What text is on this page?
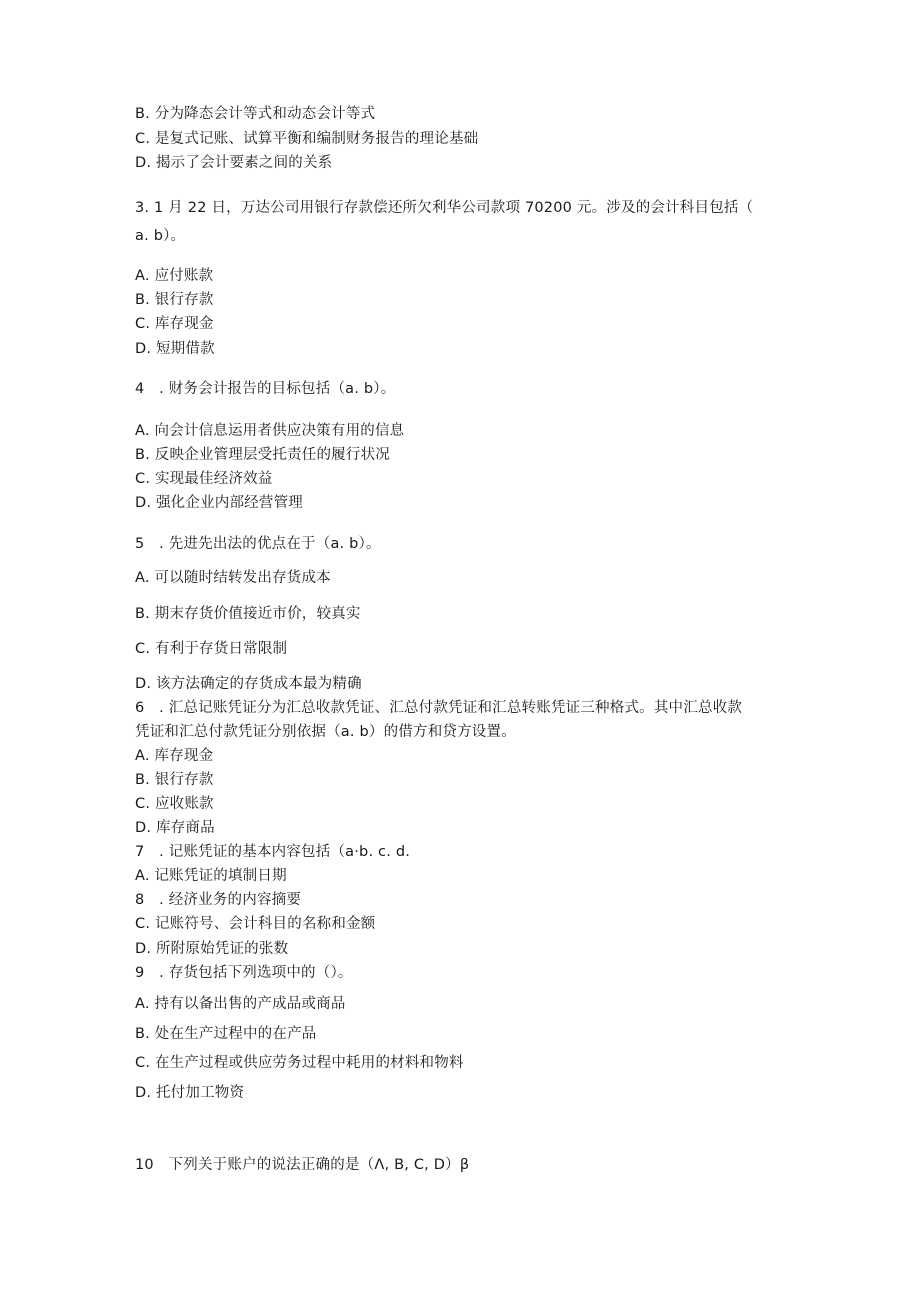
B. 分为降态会计等式和动态会计等式
C. 是复式记账、试算平衡和编制财务报告的理论基础
D. 揭示了会计要素之间的关系
3. 1 月 22 日，万达公司用银行存款偿还所欠利华公司款项 70200 元。涉及的会计科目包括（
a. b）。
A. 应付账款
B. 银行存款
C. 库存现金
D. 短期借款
4　. 财务会计报告的目标包括（a. b）。
A. 向会计信息运用者供应决策有用的信息
B. 反映企业管理层受托责任的履行状况
C. 实现最佳经济效益
D. 强化企业内部经营管理
5　. 先进先出法的优点在于（a. b）。
A. 可以随时结转发出存货成本
B. 期末存货价值接近市价，较真实
C. 有利于存货日常限制
D. 该方法确定的存货成本最为精确
6　. 汇总记账凭证分为汇总收款凭证、汇总付款凭证和汇总转账凭证三种格式。其中汇总收款
凭证和汇总付款凭证分别依据（a. b）的借方和贷方设置。
A. 库存现金
B. 银行存款
C. 应收账款
D. 库存商品
7　. 记账凭证的基本内容包括（a·b. c. d.
A. 记账凭证的填制日期
8　. 经济业务的内容摘要
C. 记账符号、会计科目的名称和金额
D. 所附原始凭证的张数
9　. 存货包括下列选项中的（）。
A. 持有以备出售的产成品或商品
B. 处在生产过程中的在产品
C. 在生产过程或供应劳务过程中耗用的材料和物料
D. 托付加工物资
10　下列关于账户的说法正确的是（Λ, B, C, D）β
